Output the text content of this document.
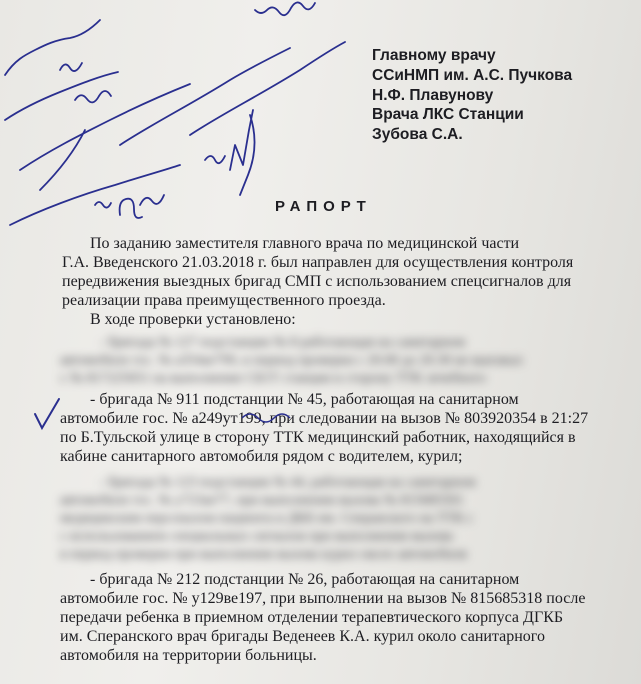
Главному врачу
ССиНМП им. А.С. Пучкова
Н.Ф. Плавунову
Врача ЛКС Станции
Зубова С.А.
РАПОРТ
По заданию заместителя главного врача по медицинской части
Г.А. Введенского 21.03.2018 г. был направлен для осуществления контроля
передвижения выездных бригад СМП с использованием спецсигналов для
реализации права преимущественного проезда.
В ходе проверки установлено:
- бригада № 127 подстанции № 8 работающая на санитарном
автомобиле гос. № а354ае799, в период проверки с 20.00 до 20.30 не выезжал
с № 817225051 на выполнение СБ1Т станции в сторону ТТК лечебного
- бригада № 911 подстанции № 45, работающая на санитарном
автомобиле гос. № а249ут199, при следовании на вызов № 803920354 в 21:27
по Б.Тульской улице в сторону ТТК медицинский работник, находящийся в
кабине санитарного автомобиля рядом с водителем, курил;
- бригада № 123 подстанции № 44, работающая на санитарном
автомобиле гос. № у723ае77, при выполнении вызова № 815685501
медицинским персоналом пациента в ДКБ им. Сперанского на ТТК с
с использованием специальных сигналов при выполнении вызова
в период проверки при выполнении вызова курил около автомобиля
- бригада № 212 подстанции № 26, работающая на санитарном
автомобиле гос. № у129ве197, при выполнении на вызов № 815685318 после
передачи ребенка в приемном отделении терапевтического корпуса ДГКБ
им. Сперанского врач бригады Веденеев К.А. курил около санитарного
автомобиля на территории больницы.
